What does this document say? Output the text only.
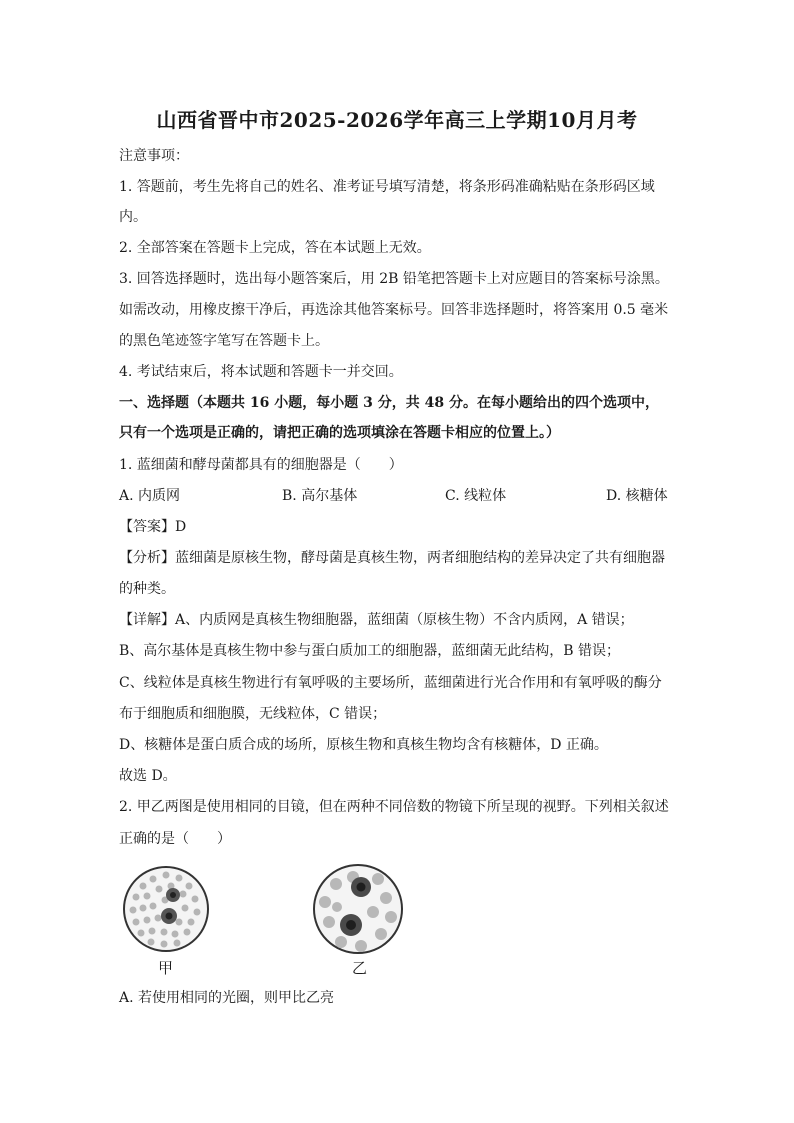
山西省晋中市2025-2026学年高三上学期10月月考
注意事项：
1. 答题前，考生先将自己的姓名、准考证号填写清楚，将条形码准确粘贴在条形码区域
内。
2. 全部答案在答题卡上完成，答在本试题上无效。
3. 回答选择题时，选出每小题答案后，用 2B 铅笔把答题卡上对应题目的答案标号涂黑。
如需改动，用橡皮擦干净后，再选涂其他答案标号。回答非选择题时，将答案用 0.5 毫米
的黑色笔迹签字笔写在答题卡上。
4. 考试结束后，将本试题和答题卡一并交回。
一、选择题（本题共 16 小题，每小题 3 分，共 48 分。在每小题给出的四个选项中，
只有一个选项是正确的，请把正确的选项填涂在答题卡相应的位置上。）
1. 蓝细菌和酵母菌都具有的细胞器是（　　）
A. 内质网	B. 高尔基体	C. 线粒体	D. 核糖体
【答案】D
【分析】蓝细菌是原核生物，酵母菌是真核生物，两者细胞结构的差异决定了共有细胞器
的种类。
【详解】A、内质网是真核生物细胞器，蓝细菌（原核生物）不含内质网，A 错误；
B、高尔基体是真核生物中参与蛋白质加工的细胞器，蓝细菌无此结构，B 错误；
C、线粒体是真核生物进行有氧呼吸的主要场所，蓝细菌进行光合作用和有氧呼吸的酶分
布于细胞质和细胞膜，无线粒体，C 错误；
D、核糖体是蛋白质合成的场所，原核生物和真核生物均含有核糖体，D 正确。
故选 D。
2. 甲乙两图是使用相同的目镜，但在两种不同倍数的物镜下所呈现的视野。下列相关叙述
正确的是（　　）
甲	乙
A. 若使用相同的光圈，则甲比乙亮
